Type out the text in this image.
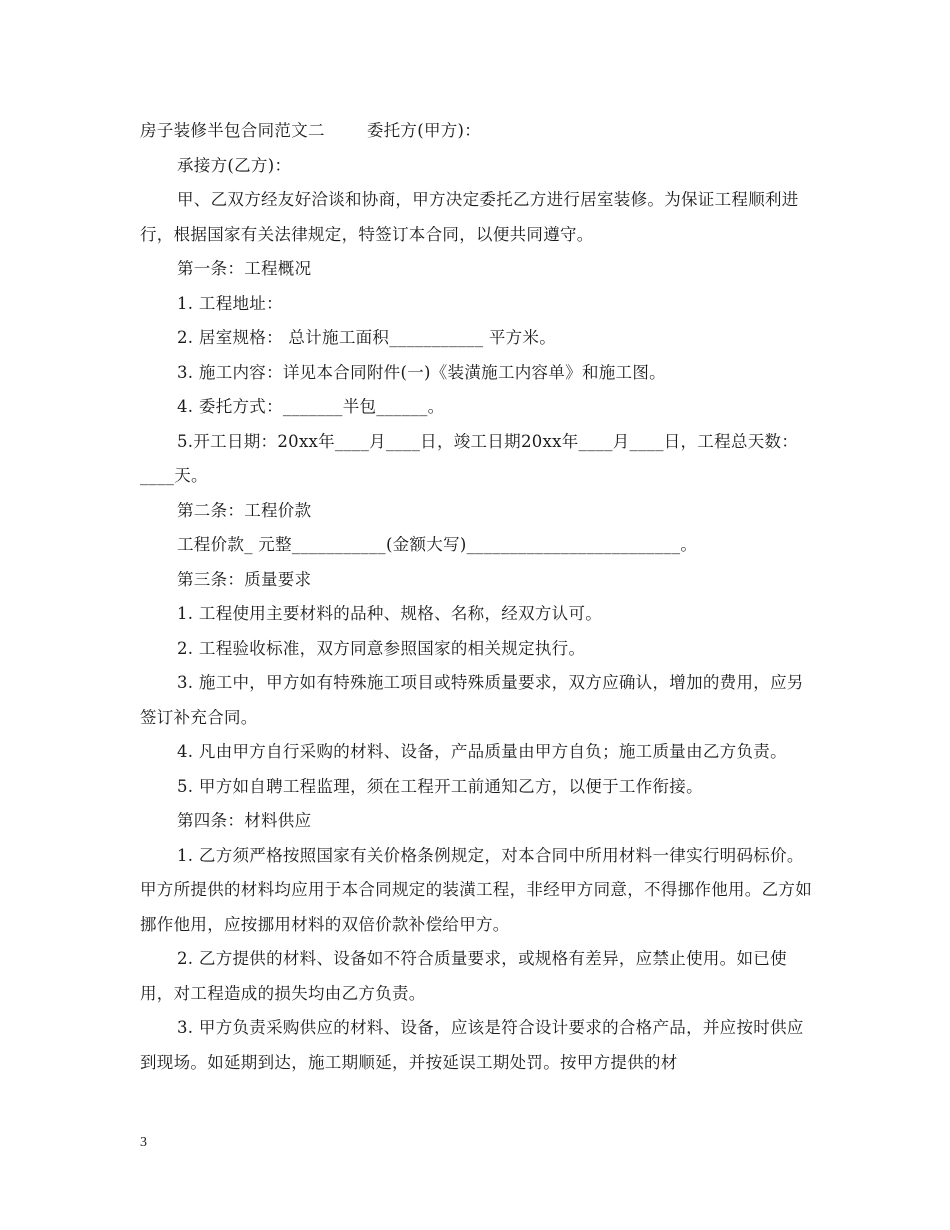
房子装修半包合同范文二	委托方(甲方)：

承接方(乙方)：

甲、乙双方经友好洽谈和协商，甲方决定委托乙方进行居室装修。为保证工程顺利进行，根据国家有关法律规定，特签订本合同，以便共同遵守。

第一条：工程概况

1. 工程地址：

2. 居室规格： 总计施工面积___________ 平方米。

3. 施工内容：详见本合同附件(一)《装潢施工内容单》和施工图。

4. 委托方式：_______半包______。

5.开工日期：20xx年____月____日，竣工日期20xx年____月____日，工程总天数：____天。

第二条：工程价款

工程价款_ 元整___________(金额大写)_________________________。

第三条：质量要求

1. 工程使用主要材料的品种、规格、名称，经双方认可。

2. 工程验收标准，双方同意参照国家的相关规定执行。

3. 施工中，甲方如有特殊施工项目或特殊质量要求，双方应确认，增加的费用，应另签订补充合同。

4. 凡由甲方自行采购的材料、设备，产品质量由甲方自负；施工质量由乙方负责。

5. 甲方如自聘工程监理，须在工程开工前通知乙方，以便于工作衔接。

第四条：材料供应

1. 乙方须严格按照国家有关价格条例规定，对本合同中所用材料一律实行明码标价。甲方所提供的材料均应用于本合同规定的装潢工程，非经甲方同意，不得挪作他用。乙方如挪作他用，应按挪用材料的双倍价款补偿给甲方。

2. 乙方提供的材料、设备如不符合质量要求，或规格有差异，应禁止使用。如已使用，对工程造成的损失均由乙方负责。

3. 甲方负责采购供应的材料、设备，应该是符合设计要求的合格产品，并应按时供应到现场。如延期到达，施工期顺延，并按延误工期处罚。按甲方提供的材

3
